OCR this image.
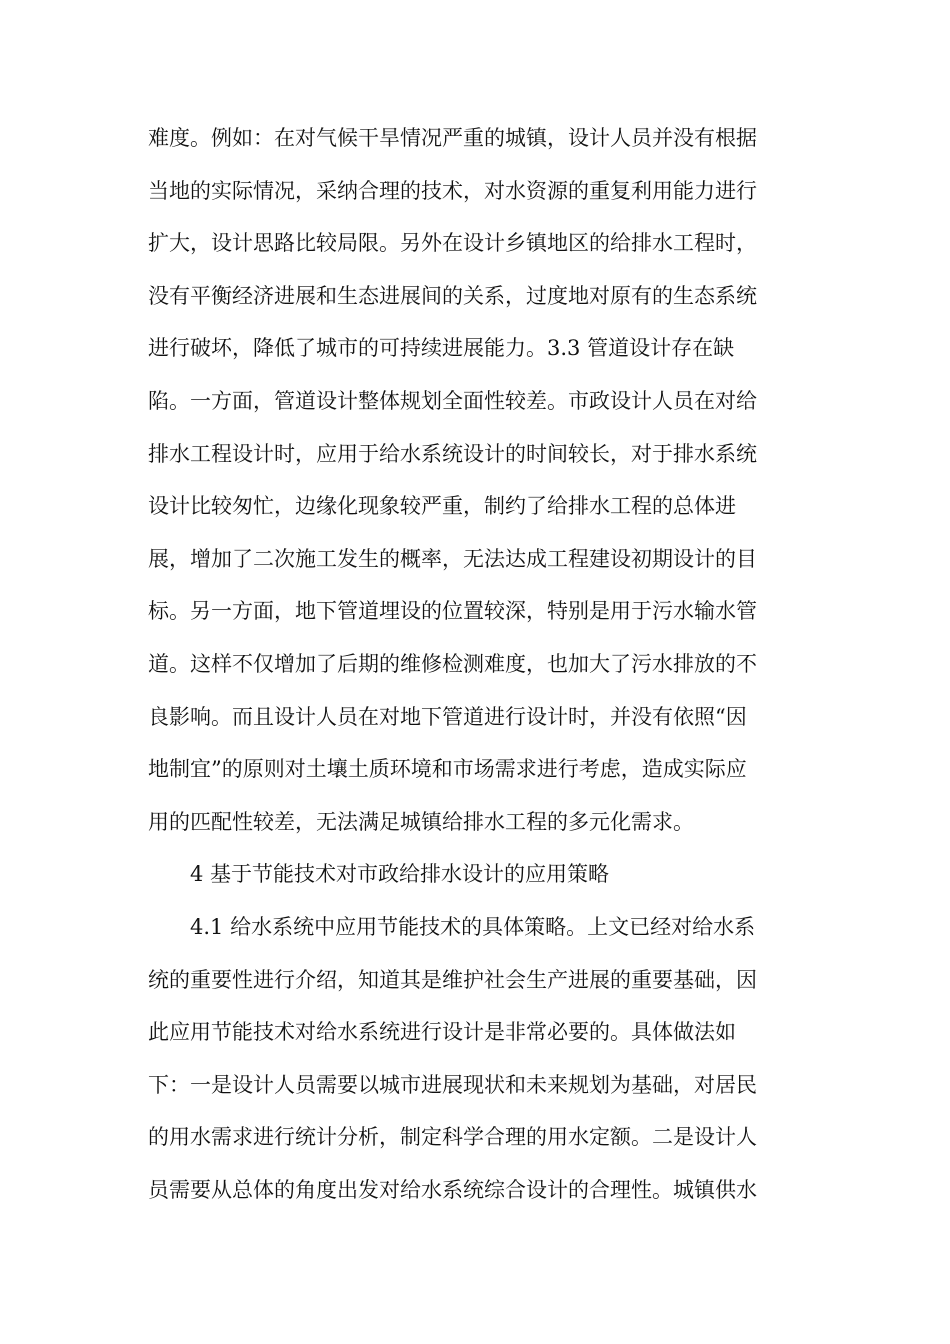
难度。例如：在对气候干旱情况严重的城镇，设计人员并没有根据
当地的实际情况，采纳合理的技术，对水资源的重复利用能力进行
扩大，设计思路比较局限。另外在设计乡镇地区的给排水工程时，
没有平衡经济进展和生态进展间的关系，过度地对原有的生态系统
进行破坏，降低了城市的可持续进展能力。3.3 管道设计存在缺
陷。一方面，管道设计整体规划全面性较差。市政设计人员在对给
排水工程设计时，应用于给水系统设计的时间较长，对于排水系统
设计比较匆忙，边缘化现象较严重，制约了给排水工程的总体进
展，增加了二次施工发生的概率，无法达成工程建设初期设计的目
标。另一方面，地下管道埋设的位置较深，特别是用于污水输水管
道。这样不仅增加了后期的维修检测难度，也加大了污水排放的不
良影响。而且设计人员在对地下管道进行设计时，并没有依照“因
地制宜”的原则对土壤土质环境和市场需求进行考虑，造成实际应
用的匹配性较差，无法满足城镇给排水工程的多元化需求。
4 基于节能技术对市政给排水设计的应用策略
4.1 给水系统中应用节能技术的具体策略。上文已经对给水系
统的重要性进行介绍，知道其是维护社会生产进展的重要基础，因
此应用节能技术对给水系统进行设计是非常必要的。具体做法如
下：一是设计人员需要以城市进展现状和未来规划为基础，对居民
的用水需求进行统计分析，制定科学合理的用水定额。二是设计人
员需要从总体的角度出发对给水系统综合设计的合理性。城镇供水
